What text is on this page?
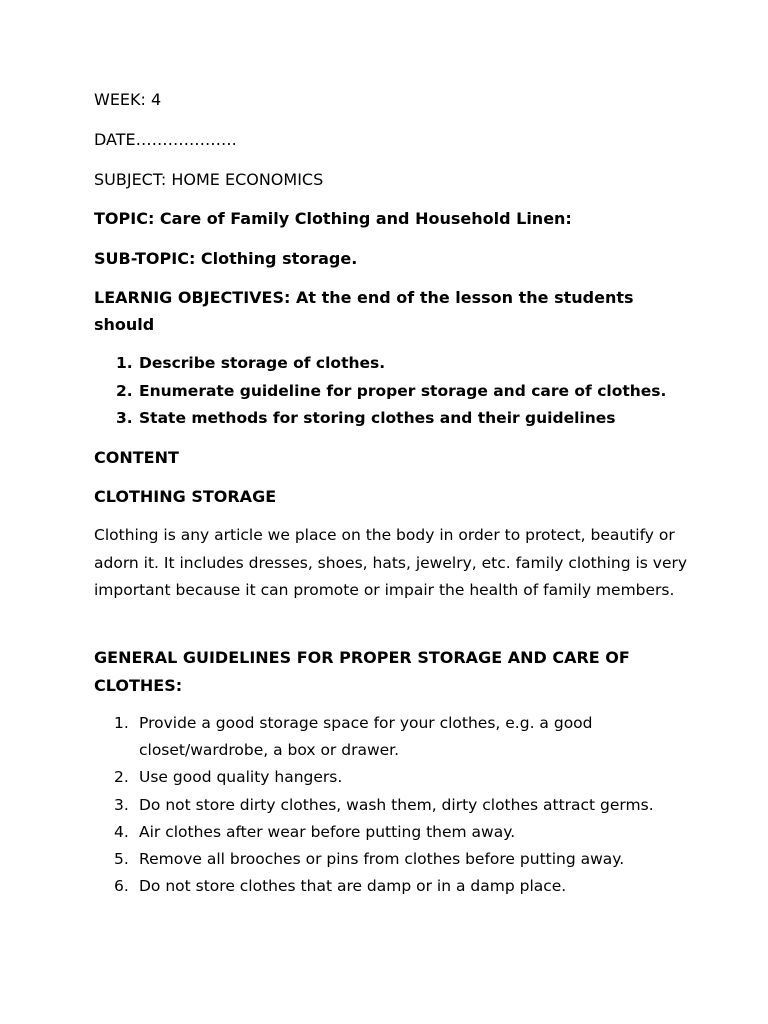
WEEK: 4
DATE……………….
SUBJECT: HOME ECONOMICS
TOPIC: Care of Family Clothing and Household Linen:
SUB-TOPIC: Clothing storage.
LEARNIG OBJECTIVES: At the end of the lesson the students
should
1. Describe storage of clothes.
2. Enumerate guideline for proper storage and care of clothes.
3. State methods for storing clothes and their guidelines
CONTENT
CLOTHING STORAGE
Clothing is any article we place on the body in order to protect, beautify or adorn it. It includes dresses, shoes, hats, jewelry, etc. family clothing is very important because it can promote or impair the health of family members.
GENERAL GUIDELINES FOR PROPER STORAGE AND CARE OF CLOTHES:
1. Provide a good storage space for your clothes, e.g. a good closet/wardrobe, a box or drawer.
2. Use good quality hangers.
3. Do not store dirty clothes, wash them, dirty clothes attract germs.
4. Air clothes after wear before putting them away.
5. Remove all brooches or pins from clothes before putting away.
6. Do not store clothes that are damp or in a damp place.
